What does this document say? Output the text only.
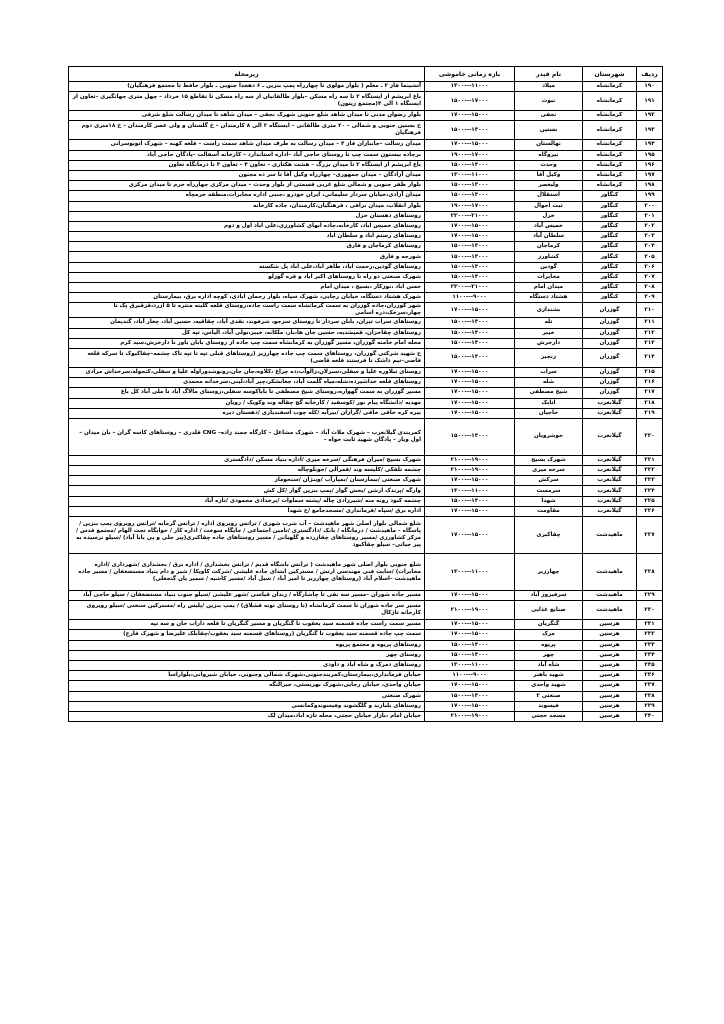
ردیف	شهرستان	نام فیدر	بازه زمانی خاموشی	زیرمحله
۱۹۰	کرمانشاه	میلاد	۱۱۰۰۰---۱۳۰۰	آتشینما فاز ۲ ـ معلم ( بلوار مولوی تا چهارراه پمپ بنزین ـ ۶ دهخدا جنوبی ـ بلوار حافظ تا مجتمع فرهنگیان)
۱۹۱	کرمانشاه	نبوت	۱۷۰۰۰---۱۵۰۰	باغ ابریشم از ایستگاه ۲ تا سه راه مسکن –بلوار طالقانیان از سه راه مسکن تا تقاطع ۱۵ خرداد – چهل متری جهانگیری –تعاون از ایستگاه ۱ الی ۴(مجتمع زیتون)
۱۹۲	کرمانشاه	نجفی	۱۵۰۰۰---۱۷۰۰	بلوار رضوان مدنی تا میدان شاهد شلغ جنوبی شهرک نجفی – میدان شاهد تا میدان رسالت شلغ شرقی
۱۹۳	کرمانشاه	بستین	۱۳۰۰۰---۱۵۰۰	خ بستین جنوبی و شمالی – ۲۰ متری طالقانی – ایستگاه ۲ الی ۸ کارمندان – خ گلستان و ولی عصر کارمندان – خ ۱۸متری دوم فرهنگیان
۱۹۴	کرمانشاه	نهالستان	۱۵۰۰۰---۱۷۰۰	میدان رسالت –جانبازان فاز ۴ – میدان رسالت به طرف میدان شاهد سمت راست – قلعه کهنه – شهرک اتوبوسرانی
۱۹۵	کرمانشاه	نیروگاه	۱۷۰۰۰---۱۹۰۰	برجاده بیستون سمت چپ تا روستای حاجی آباد –اداره استاندارد – کارخانه آسفالت –پادگان حاجی آباد
۱۹۶	کرمانشاه	وحدت	۱۳۰۰۰---۱۵۰۰	باغ ابریشم از ایستگاه ۲ تا میدان بزرگ – هشت هکتاری – تعاون ۴ – تعاون ۳ تا درمانگاه تعاون
۱۹۷	کرمانشاه	وکیل آقا	۱۱۰۰۰---۱۳۰۰	میدان آزادگان – میدان جمهوری– چهارراه وکیل آقا تا سر ده مجنون
۱۹۸	کرمانشاه	ولیعصر	۱۳۰۰۰---۱۵۰۰	بلوار ظفر جنوبی و شمالی شلغ غربی قسمتی از بلوار وحدت – میدان مرکزی چهارراه خرم تا میدان مرکزی
۱۹۹	کنگاور	استقلال	۱۳۰۰۰---۱۵۰۰	میدان آزادی،خیابان سردار سلیمانی، ایران خودرو ،جنبی اداره مخابرات،منطقه خرمچاه
۲۰۰	کنگاور	ثبت احوال	۱۷۰۰۰---۱۹۰۰	بلوار انقلاب، میدان نراقی ، فرهنگیان،کارمندان، جاده کارخانه
۲۰۱	کنگاور	خزل	۲۱۰۰۰---۲۳۰۰	روستاهای دهستان خزل
۲۰۲	کنگاور	خمیس آباد	۱۵۰۰۰---۱۷۰۰	روستاهای خمیس اباد، کارخانه،جاده ابهای کشاورزی،علی اباد اول و دوم
۲۰۳	کنگاور	سلطان آباد	۱۵۰۰۰---۱۷۰۰	روستاهای رستم اباد و سلطان اباد
۲۰۴	کنگاور	کرماجان	۱۳۰۰۰---۱۵۰۰	روستاهای کرماجان و فارق
۲۰۵	کنگاور	کشاورز	۱۳۰۰۰---۱۵۰۰	شورجه و فارق
۲۰۶	کنگاور	گودین	۱۳۰۰۰---۱۵۰۰	روستاهای گودین،رحمت اباد، طاهر اباد،علی اباد پل شکسته
۲۰۷	کنگاور	مخابرات	۱۳۰۰۰---۱۵۰۰	شهرک صنعتی دو راه تا روستاهای اکبر اباد و قره گوزلو
۲۰۸	کنگاور	میدان امام	۲۱۰۰۰---۲۳۰۰	حسن اباد ،نوزکار ،بسیج ، میدان امام
۲۰۹	کنگاور	هشتاد دستگاه	۹۰۰۰---۱۱۰۰	شهرک هشتاد دستگاه، خیابان رجایی، شهرک سپاه، بلوار رحمان ابادی، کوچه اداره برق، بیمارستان
۲۱۰	گوزران	بشندازی	۱۵۰۰۰---۱۷۰۰	شهر گوزران،جاده گوزران به سمت کرمانشاه سمت راست جاده،روستای قلعه گلینه منتره تا ۵ ازرد،قزقبرق پک تا چهار،سرخک،دره اسامی
۲۱۱	گوزران	تله	۱۳۰۰۰---۱۵۰۰	روستاهای سراب تیران، بابان سردار تا روستای سرجو، شرفوند، نقدی آباد، چقاقیه، حسین آباد، چغار آباد، گندیمان
۲۱۲	گوزران	خیبر	۱۳۰۰۰---۱۵۰۰	روستاهای چقاخزان، قمیشدیه، حسین خان ها،بار، ملکانه، خیبر،بولی آباد، الیاس، تپه کل
۲۱۳	گوزران	دارخرش	۱۳۰۰۰---۱۵۰۰	محله امام خامنه گوزران، مسیر گوزران به کرمانشاه سمت چپ جاده از روستای بابان باور تا دارخرش،سید کرم
۲۱۴	گوزران	زنجیر	۱۳۰۰۰---۱۵۰۰	خ شهید شرکتی گوزران، روستاهای سمت چپ جاده چهارزیر (روستاهای قبلی تپه تا تپه تاک چشمه–چقاکبوک تا سرکه قلعه قاضی–تیم داشک تا قرستند قلعه قاضی)
۲۱۵	گوزران	سراب	۱۵۰۰۰---۱۷۰۰	روستای تبلاوره علیا و سفلی،سبزلان،زالوآب،ده چراغ ،کلاوه،جان جان،رونوشدوراوله علیا و سفلی،کنجوله،سرخداش مرادی
۲۱۶	گوزران	شله	۱۵۰۰۰---۱۷۰۰	روستاهای قلعه خداشیرده،شله،میاه گلمت آباد، جغانشکر،چپر آباد،لینی،سرخدانه محمدی
۲۱۷	گوزران	شیخ مصطفی	۱۵۰۰۰---۱۷۰۰	مسیر گوزران به سمت گهواره،روستای شیخ مصطفی تا باباکوسه سفلی،روستای مالاگ آباد تا ملی آباد کل باغ
۲۱۸	گیلانغرب	اتابک	۱۵۰۰۰---۱۷۰۰	مهدیه /دانشگاه پیام نور /کوسفید / کارخانه گچ چقاله وند وکویک / رویان
۲۱۹	گیلانغرب	حاجیان	۱۵۰۰۰---۱۷۰۰	بیره کره خاقی خاقی /گرازان /بیرآبه /کله چوب اسفندیاری /دهستان دیره
۲۲۰	گیلانغرب	خوشرویان	۱۳۰۰۰---۱۵۰۰	کمربندی گیلانغرب – شهرک ملات آباد – شهرک مشاغل – کارگاه جمند زاده– CNG قلدری – روستاهای کاسه گران – بان میدان – اول ویار – پادگان شهید ثابت خواه –
۲۲۱	گیلانغرب	شهرک بسیج	۱۹۰۰۰---۲۱۰۰	شهرک بسیج /میران فرهنگی /سرخه میری /اداره بنیاد مسکن /دادگستری
۲۲۲	گیلانغرب	سرخه میری	۱۹۰۰۰---۲۱۰۰	چشمه تلفکی /کلیسه وند /قمرالی /جونلوچاله
۲۲۳	گیلانغرب	سرکش	۱۵۰۰۰---۱۷۰۰	شهرک صنعتی /بیمارستان /بمپارآب /وینژان /سنحوماز
۲۲۴	گیلانغرب	سرمست	۱۱۰۰۰---۱۳۰۰	وارگه /پرندک ارشن /بخش گوار /پمپ بنزین گوار /کل کش
۲۲۵	گیلانغرب	شهدا	۱۳۰۰۰---۱۵۰۰	چشمه کبود رونه منه /شیرزادی چاله /پشته سماوات /برخدادی محمودی /تازه آباد
۲۲۶	گیلانغرب	مقاومت	۱۵۰۰۰---۱۷۰۰	اداره برق /سپاه /فرمانداری /مسجدجامع /خ شهدا
۲۲۷	ماهیدشت	چقاکبری	۱۵۰۰۰---۱۷۰۰	شلغ شمالی بلوار اصلی شهر ماهیدشت – آب شرب شهری / ترانس رویروی اداره / ترانس گرمابه /ترانس رویروی پمپ بنزین /پاسگاه – ماهیدشت / درمانگاه / بانک /دادگستری /تامین اجتماعی / جایگاه سوخت / اداره کار / خوابگاه تحت الهام /مجتمع قدس /مرکز کشاورزی /مسیر روستاهای چقازرده و گلهبانی / مسیر روستاهای جاده چقاکبری(پیر جلی و پی بابا آباد) /سیلو نرسیده به پیر حیاتی– سیلو چقاکبود
۲۲۸	ماهیدشت	چهارزبر	۱۱۰۰۰---۱۳۰۰	شلغ جنوبی بلوار اصلی شهر ماهیدشت ( ترانس باشگاه قدیم / ترانس بخشداری / اداره برق / بخشداری /شهرداری /اداره مخابرات) /سایت فنی مهندسی ارتش / مسترکین ابتدای جاده علیشی /شرکت کاویکا / شیر و دام بنیاد مستضعفان / مسیر جاده ماهیدشت –اسلام آباد (روستاهای چهارزبر تا امیر آباد / سیل آباد /مسیر کاشیه / سمیر یان گنجعلی)
۲۲۹	ماهیدشت	سرفیروز آباد	۱۵۰۰۰---۱۷۰۰	مسیر جاده شوران –مسیر سه نفی تا چاشارگاه / زندان قیاسی /شهر علیشی /سیلو جنوب بنیاد مستضعفان / سیلو حاجی آباد
۲۳۰	ماهیدشت	صنایع غذایی	۱۹۰۰۰---۲۱۰۰	مسیر سر جاده شوران تا سمت کرمانشاه (تا روستای تونه قشلاق) / پمپ بنزین /پلیس راه /مسترکین سنعتی /سیلو رویروی کارخانه تاژکال
۲۳۱	هرسین	گنگریان	۱۵۰۰۰---۱۷۰۰	مسیر سمت راست جاده قسمنه سید یعقوب تا گنگریان و مسیر گنگریان تا قلعه داراب خان و سه تپه
۲۳۲	هرسین	مرک	۱۵۰۰۰---۱۷۰۰	سمت چپ جاده قسمنه سید یعقوب تا گنگریان (روستاهای قسمنه سید یعقوب/چقابلک علیرضا و شهرک فارج)
۲۳۳	هرسین	پریوه	۱۳۰۰۰---۱۵۰۰	روستاهای پریوه و مجتمع پریوه
۲۳۴	هرسین	چهر	۱۳۰۰۰---۱۵۰۰	روستای چهر
۲۳۵	هرسین	شاه آباد	۱۱۰۰۰---۱۳۰۰	روستاهای دمرک و شاه اباد و داودی
۲۳۶	هرسین	شهید باهنر	۹۰۰۰---۱۱۰۰	خیابان فرمانداری،بیمارستان،کمربندجنوبی،شهرک شمالی وجنوبی، خیابان شیروانی،بلواراسا
۲۳۷	هرسین	شهید واحدی	۱۵۰۰۰---۱۷۰۰	خیابان واحدی، خیابان رجایی،شهرک بهزیستی، جیرالنگه
۲۳۸	هرسین	صنعتی ۲	۱۳۰۰۰---۱۵۰۰	شهرک صنعتی
۲۳۹	هرسین	فیسوند	۱۵۰۰۰---۱۷۰۰	روستاهای بلبازند و گلگشوند وفیسوندوکمانسی
۲۴۰	هرسین	مسجد حجتی	۱۹۰۰۰---۲۱۰۰	خیابان امام ،بازار خیابان حجتی، محله تازه اباد،میدان لک
